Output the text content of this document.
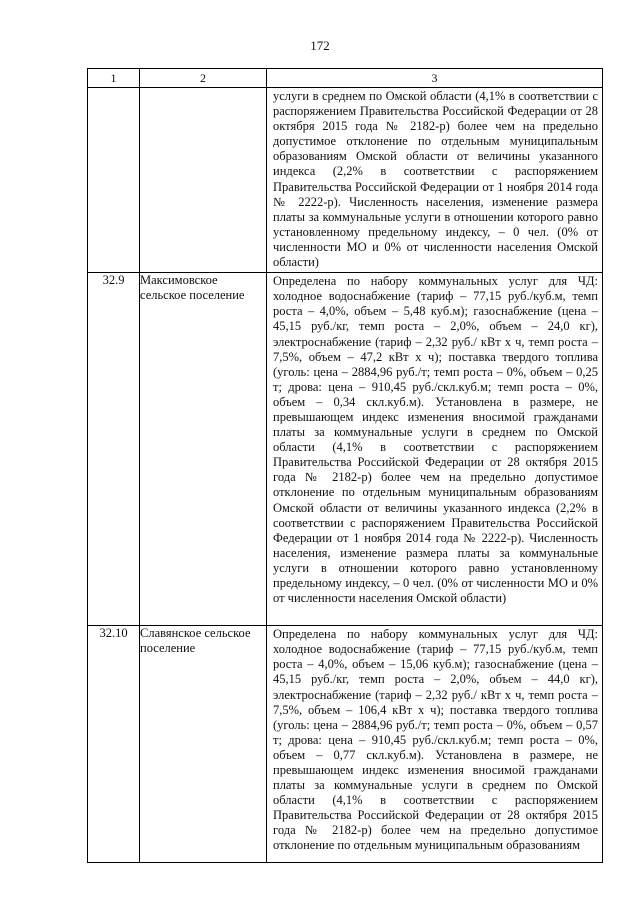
172
1	2	3

		услуги в среднем по Омской области (4,1% в соответствии с распоряжением Правительства Российской Федерации от 28 октября 2015 года № 2182-р) более чем на предельно допустимое отклонение по отдельным муниципальным образованиям Омской области от величины указанного индекса (2,2% в соответствии с распоряжением Правительства Российской Федерации от 1 ноября 2014 года № 2222-р). Численность населения, изменение размера платы за коммунальные услуги в отношении которого равно установленному предельному индексу, – 0 чел. (0% от численности МО и 0% от численности населения Омской области)

32.9	Максимовское сельское поселение	Определена по набору коммунальных услуг для ЧД: холодное водоснабжение (тариф – 77,15 руб./куб.м, темп роста – 4,0%, объем – 5,48 куб.м); газоснабжение (цена – 45,15 руб./кг, темп роста – 2,0%, объем – 24,0 кг), электроснабжение (тариф – 2,32 руб./ кВт х ч, темп роста – 7,5%, объем – 47,2 кВт х ч); поставка твердого топлива (уголь: цена – 2884,96 руб./т; темп роста – 0%, объем – 0,25 т; дрова: цена – 910,45 руб./скл.куб.м; темп роста – 0%, объем – 0,34 скл.куб.м). Установлена в размере, не превышающем индекс изменения вносимой гражданами платы за коммунальные услуги в среднем по Омской области (4,1% в соответствии с распоряжением Правительства Российской Федерации от 28 октября 2015 года № 2182-р) более чем на предельно допустимое отклонение по отдельным муниципальным образованиям Омской области от величины указанного индекса (2,2% в соответствии с распоряжением Правительства Российской Федерации от 1 ноября 2014 года № 2222-р). Численность населения, изменение размера платы за коммунальные услуги в отношении которого равно установленному предельному индексу, – 0 чел. (0% от численности МО и 0% от численности населения Омской области)

32.10	Славянское сельское поселение	Определена по набору коммунальных услуг для ЧД: холодное водоснабжение (тариф – 77,15 руб./куб.м, темп роста – 4,0%, объем – 15,06 куб.м); газоснабжение (цена – 45,15 руб./кг, темп роста – 2,0%, объем – 44,0 кг), электроснабжение (тариф – 2,32 руб./ кВт х ч, темп роста – 7,5%, объем – 106,4 кВт х ч); поставка твердого топлива (уголь: цена – 2884,96 руб./т; темп роста – 0%, объем – 0,57 т; дрова: цена – 910,45 руб./скл.куб.м; темп роста – 0%, объем – 0,77 скл.куб.м). Установлена в размере, не превышающем индекс изменения вносимой гражданами платы за коммунальные услуги в среднем по Омской области (4,1% в соответствии с распоряжением Правительства Российской Федерации от 28 октября 2015 года № 2182-р) более чем на предельно допустимое отклонение по отдельным муниципальным образованиям
